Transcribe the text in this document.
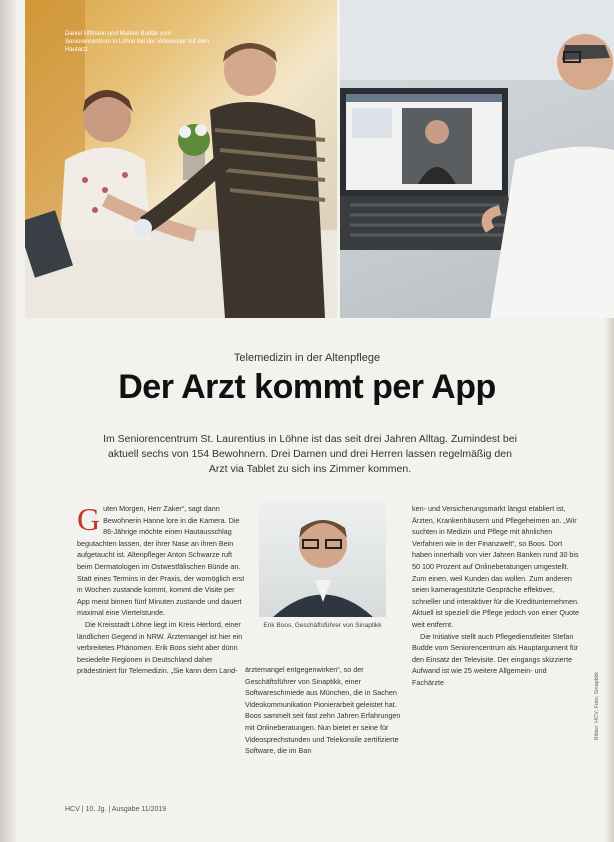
Daniel Uffmann und Marlies Budde vom Seniorencentrum in Löhne bei der Videovisite mit dem Hautarzt
Telemedizin in der Altenpflege
Der Arzt kommt per App
Im Seniorencentrum St. Laurentius in Löhne ist das seit drei Jahren Alltag. Zumindest bei aktuell sechs von 154 Bewohnern. Drei Damen und drei Herren lassen regelmäßig den Arzt via Tablet zu sich ins Zimmer kommen.

G uten Morgen, Herr Zaker“, sagt dann Bewohnerin Hanne lore in die Kamera. Die 86-Jährige möchte einen Hautausschlag begutachten lassen, der ihrer Nase an ihren Bein aufgetaucht ist. Altenpfleger Anton Schwarze ruft beim Dermatologen im Ostwestfälischen Bünde an. Statt eines Termins in der Praxis, der womöglich erst in Wochen zustande kommt, kommt die Visite per App meist binnen fünf Minuten zustande und dauert maximal eine Viertelstunde.

Die Kreisstadt Löhne liegt im Kreis Herford, einer ländlichen Gegend in NRW. Ärztemangel ist hier ein verbreitetes Phänomen. Erik Boos sieht aber dünn besiedelte Regionen in Deutschland daher prädestiniert für Telemedizin. „Sie kann dem Land-

Erik Boos, Geschäftsführer von Sinaptikk

ärztemangel entgegenwirken“, so der Geschäftsführer von Sinaptikk, einer Softwareschmiede aus München, die in Sachen Videokommunikation Pionierarbeit geleistet hat. Boos sammelt seit fast zehn Jahren Erfahrungen mit Onlineberatungen. Nun bietet er seine für Videosprechstunden und Telekonsile zertifizierte Software, die im Ban

ken- und Versicherungsmarkt längst etabliert ist, Ärzten, Krankenhäusern und Pflegeheimen an. „Wir suchten in Medizin und Pflege mit ähnlichen Verfahren wie in der Finanzwelt“, so Boos. Dort haben innerhalb von vier Jahren Banken rund 30 bis 50 100 Prozent auf Onlineberatungen umgestellt. Zum einen, weil Kunden das wollen. Zum anderen seien kameragestützte Gespräche effektiver, schneller und interaktiver für die Kreditunternehmen. Aktuell ist speziell die Pflege jedoch von einer Quote weit entfernt.

Die Initiative stellt auch Pflegedienstleiter Stefan Budde vom Seniorencentrum als Hauptargument für den Einsatz der Televisite. Der eingangs skizzierte Aufwand ist wie 25 weitere Allgemein- und Fachärzte

HCV | 10. Jg. | Ausgabe 11/2019
Bilder: HCV; Foto; Sinaptikk
